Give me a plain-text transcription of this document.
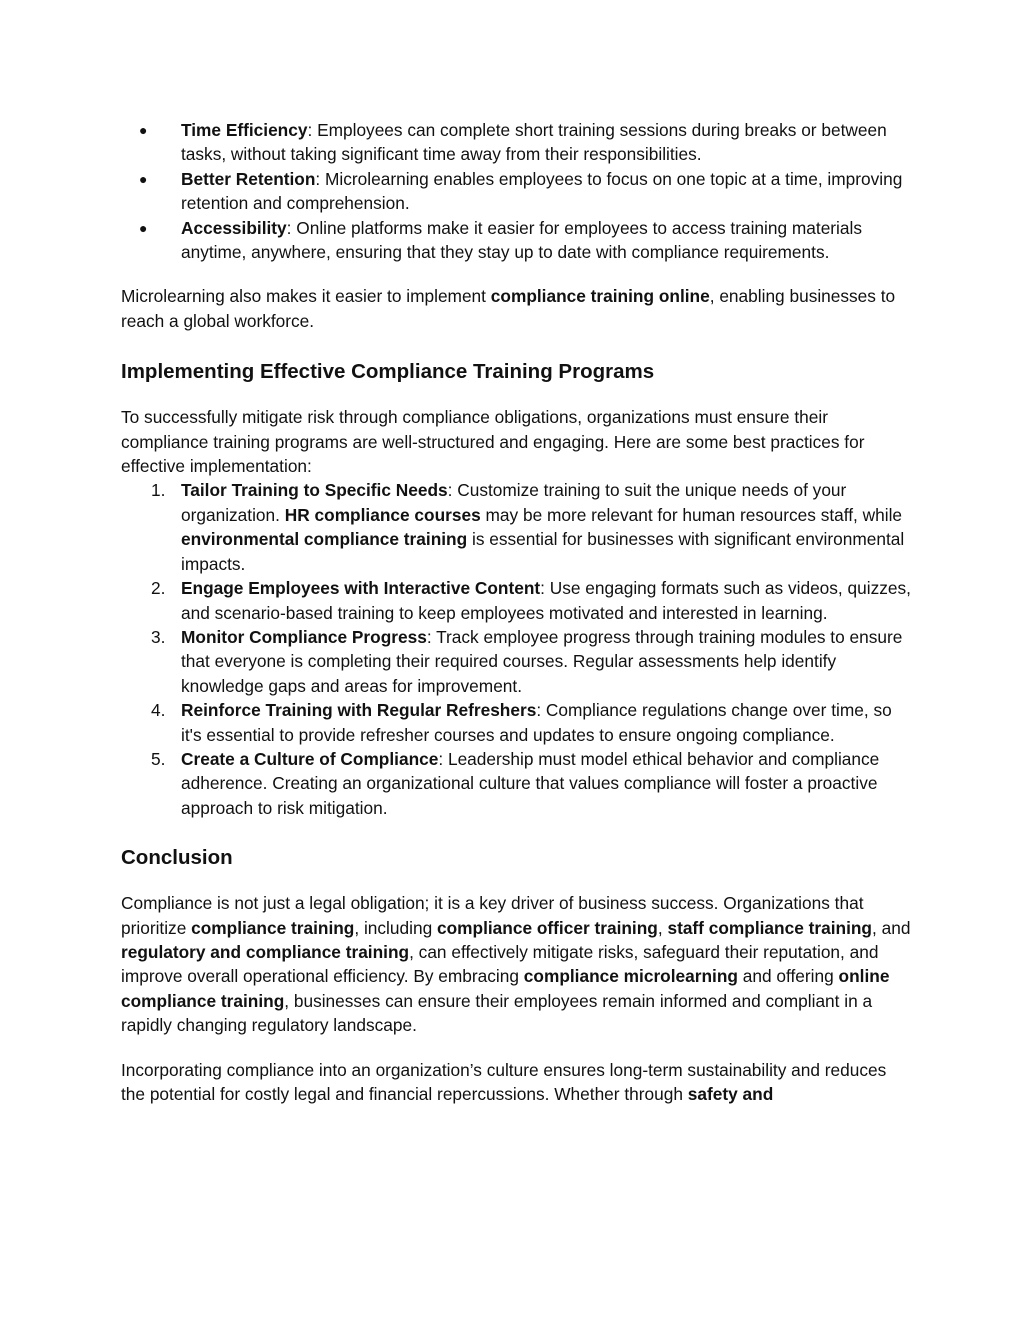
● Time Efficiency: Employees can complete short training sessions during breaks or between tasks, without taking significant time away from their responsibilities.
● Better Retention: Microlearning enables employees to focus on one topic at a time, improving retention and comprehension.
● Accessibility: Online platforms make it easier for employees to access training materials anytime, anywhere, ensuring that they stay up to date with compliance requirements.

Microlearning also makes it easier to implement compliance training online, enabling businesses to reach a global workforce.

Implementing Effective Compliance Training Programs

To successfully mitigate risk through compliance obligations, organizations must ensure their compliance training programs are well-structured and engaging. Here are some best practices for effective implementation:

1. Tailor Training to Specific Needs: Customize training to suit the unique needs of your organization. HR compliance courses may be more relevant for human resources staff, while environmental compliance training is essential for businesses with significant environmental impacts.
2. Engage Employees with Interactive Content: Use engaging formats such as videos, quizzes, and scenario-based training to keep employees motivated and interested in learning.
3. Monitor Compliance Progress: Track employee progress through training modules to ensure that everyone is completing their required courses. Regular assessments help identify knowledge gaps and areas for improvement.
4. Reinforce Training with Regular Refreshers: Compliance regulations change over time, so it's essential to provide refresher courses and updates to ensure ongoing compliance.
5. Create a Culture of Compliance: Leadership must model ethical behavior and compliance adherence. Creating an organizational culture that values compliance will foster a proactive approach to risk mitigation.
Conclusion

Compliance is not just a legal obligation; it is a key driver of business success. Organizations that prioritize compliance training, including compliance officer training, staff compliance training, and regulatory and compliance training, can effectively mitigate risks, safeguard their reputation, and improve overall operational efficiency. By embracing compliance microlearning and offering online compliance training, businesses can ensure their employees remain informed and compliant in a rapidly changing regulatory landscape.

Incorporating compliance into an organization’s culture ensures long-term sustainability and reduces the potential for costly legal and financial repercussions. Whether through safety and
